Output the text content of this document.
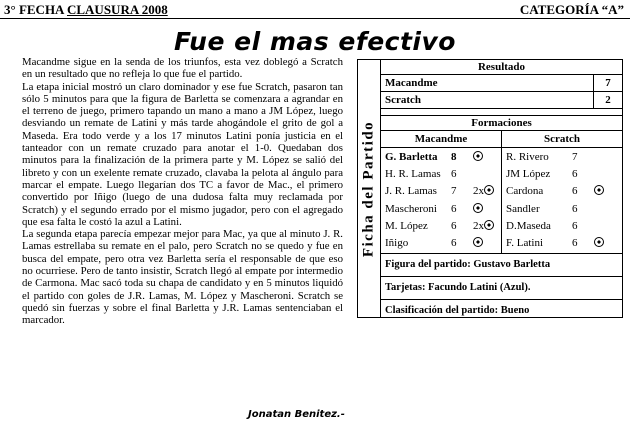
3° FECHA CLAUSURA 2008	CATEGORÍA “A”
Fue el mas efectivo

Macandme sigue en la senda de los triunfos, esta vez doblegó a Scratch en un resultado que no refleja lo que fue el partido.

La etapa inicial mostró un claro dominador y ese fue Scratch, pasaron tan sólo 5 minutos para que la figura de Barletta se comenzara a agrandar en el terreno de juego, primero tapando un mano a mano a JM López, luego desviando un remate de Latini y más tarde ahogándole el grito de gol a Maseda. Era todo verde y a los 17 minutos Latini ponía justicia en el tanteador con un remate cruzado para anotar el 1-0. Quedaban dos minutos para la finalización de la primera parte y M. López se salió del libreto y con un exelente remate cruzado, clavaba la pelota al ángulo para marcar el empate. Luego llegarían dos TC a favor de Mac., el primero convertido por Iñigo (luego de una dudosa falta muy reclamada por Scratch) y el segundo errado por el mismo jugador, pero con el agregado que esa falta le costó la azul a Latini.

La segunda etapa parecía empezar mejor para Mac, ya que al minuto J. R. Lamas estrellaba su remate en el palo, pero Scratch no se quedo y fue en busca del empate, pero otra vez Barletta sería el responsable de que eso no ocurriese. Pero de tanto insistir, Scratch llegó al empate por intermedio de Carmona. Mac sacó toda su chapa de candidato y en 5 minutos liquidó el partido con goles de J.R. Lamas, M. López y Mascheroni. Scratch se quedó sin fuerzas y sobre el final Barletta y J.R. Lamas sentenciaban el marcador.

Jonatan Benitez.-
Ficha del Partido
Resultado
Macandme	7
Scratch	2
Formaciones
Macandme	Scratch
G. Barletta	8
H. R. Lamas 6
J. R. Lamas	7	2x
Mascheroni	6
M. López	6	2x
Iñigo	6
R. Rivero	7
JM López	6
Cardona	6
Sandler	6
D.Maseda	6
F. Latini	6
Figura del partido: Gustavo Barletta
Tarjetas: Facundo Latini (Azul).
Clasificación del partido: Bueno
